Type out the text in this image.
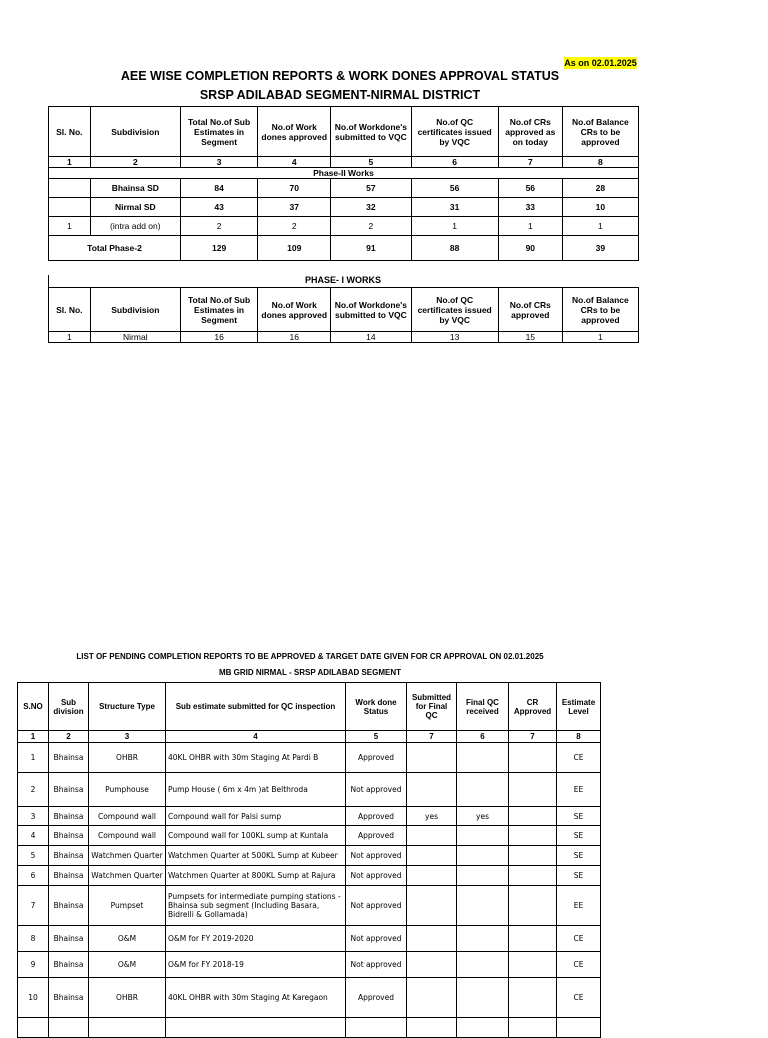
As on 02.01.2025
AEE WISE COMPLETION REPORTS & WORK DONES APPROVAL STATUS
SRSP ADILABAD SEGMENT-NIRMAL DISTRICT
Sl. No.	Subdivision	Total No.of Sub Estimates in Segment	No.of Work dones approved	No.of Workdone's submitted to VQC	No.of QC certificates issued by VQC	No.of CRs approved as on today	No.of Balance CRs to be approved
1	2	3	4	5	6	7	8
Phase-II Works							
	Bhainsa SD	84	70	57	56	56	28
	Nirmal SD	43	37	32	31	33	10
1	(intra add on)	2	2	2	1	1	1
Total Phase-2		129	109	91	88	90	39
PHASE- I WORKS
Sl. No.	Subdivision	Total No.of Sub Estimates in Segment	No.of Work dones approved	No.of Workdone's submitted to VQC	No.of QC certificates issued by VQC	No.of CRs approved	No.of Balance CRs to be approved
1	Nirmal	16	16	14	13	15	1
LIST OF PENDING COMPLETION REPORTS TO BE APPROVED & TARGET DATE GIVEN FOR CR APPROVAL ON 02.01.2025
MB GRID NIRMAL - SRSP ADILABAD SEGMENT
S.NO	Sub division	Structure Type	Sub estimate submitted for QC inspection	Work done Status	Submitted for Final QC	Final QC received	CR Approved	Estimate Level
1	2	3	4	5	7	6	7	8
1	Bhainsa	OHBR	40KL OHBR with 30m Staging At Pardi B	Approved				CE
2	Bhainsa	Pumphouse	Pump House ( 6m x 4m )at Belthroda	Not approved				EE
3	Bhainsa	Compound wall	Compound wall for Palsi sump	Approved	yes	yes		SE
4	Bhainsa	Compound wall	Compound wall for 100KL sump at Kuntala	Approved				SE
5	Bhainsa	Watchmen Quarter	Watchmen Quarter at 500KL Sump at Kubeer	Not approved				SE
6	Bhainsa	Watchmen Quarter	Watchmen Quarter at 800KL Sump at Rajura	Not approved				SE
7	Bhainsa	Pumpset	Pumpsets for intermediate pumping stations - Bhainsa sub segment (Including Basara, Bidrelli & Gollamada)	Not approved				EE
8	Bhainsa	O&M	O&M for FY 2019-2020	Not approved				CE
9	Bhainsa	O&M	O&M for FY 2018-19	Not approved				CE
10	Bhainsa	OHBR	40KL OHBR with 30m Staging At Karegaon	Approved				CE
